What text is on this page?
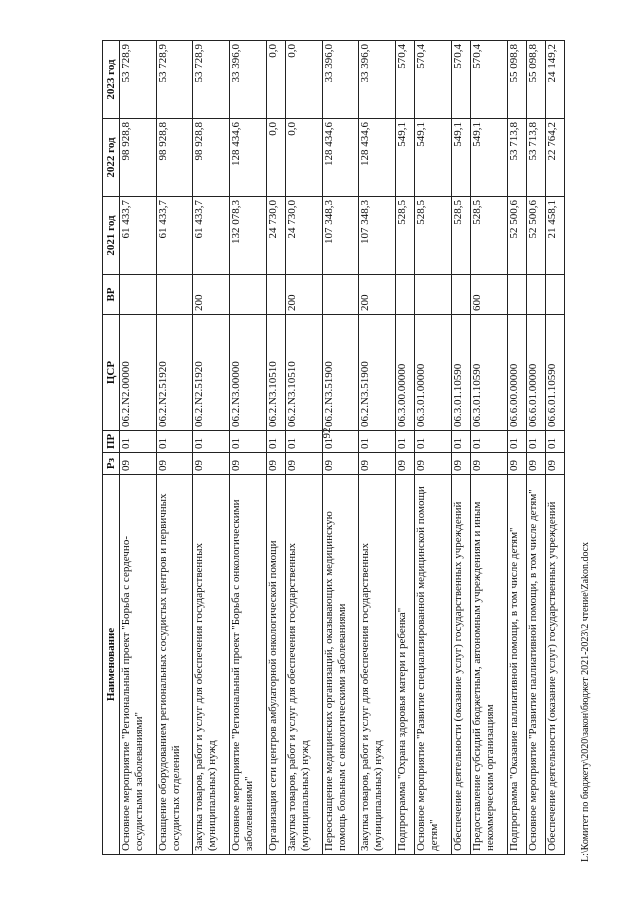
92
Наименование	Рз	ПР	ЦСР	ВР	2021 год	2022 год	2023 год
Основное мероприятие "Региональный проект "Борьба с сердечно-сосудистыми заболеваниями"	09	01	06.2.N2.00000		61 433,7	98 928,8	53 728,9
Оснащение оборудованием региональных сосудистых центров и первичных сосудистых отделений	09	01	06.2.N2.51920		61 433,7	98 928,8	53 728,9
Закупка товаров, работ и услуг для обеспечения государственных (муниципальных) нужд	09	01	06.2.N2.51920	200	61 433,7	98 928,8	53 728,9
Основное мероприятие "Региональный проект "Борьба с онкологическими заболеваниями"	09	01	06.2.N3.00000		132 078,3	128 434,6	33 396,0
Организация сети центров амбулаторной онкологической помощи	09	01	06.2.N3.10510		24 730,0	0,0	0,0
Закупка товаров, работ и услуг для обеспечения государственных (муниципальных) нужд	09	01	06.2.N3.10510	200	24 730,0	0,0	0,0
Переоснащение медицинских организаций, оказывающих медицинскую помощь больным с онкологическими заболеваниями	09	01	06.2.N3.51900		107 348,3	128 434,6	33 396,0
Закупка товаров, работ и услуг для обеспечения государственных (муниципальных) нужд	09	01	06.2.N3.51900	200	107 348,3	128 434,6	33 396,0
Подпрограмма "Охрана здоровья матери и ребенка"	09	01	06.3.00.00000		528,5	549,1	570,4
Основное мероприятие "Развитие специализированной медицинской помощи детям"	09	01	06.3.01.00000		528,5	549,1	570,4
Обеспечение деятельности (оказание услуг) государственных учреждений	09	01	06.3.01.10590		528,5	549,1	570,4
Предоставление субсидий бюджетным, автономным учреждениям и иным некоммерческим организациям	09	01	06.3.01.10590	600	528,5	549,1	570,4
Подпрограмма "Оказание паллиативной помощи, в том числе детям"	09	01	06.6.00.00000		52 500,6	53 713,8	55 098,8
Основное мероприятие "Развитие паллиативной помощи, в том числе детям"	09	01	06.6.01.00000		52 500,6	53 713,8	55 098,8
Обеспечение деятельности (оказание услуг) государственных учреждений	09	01	06.6.01.10590		21 458,1	22 764,2	24 149,2
L:\Комитет по бюджету\2020\закон\бюджет 2021-2023\2 чтение\Zakon.docx
